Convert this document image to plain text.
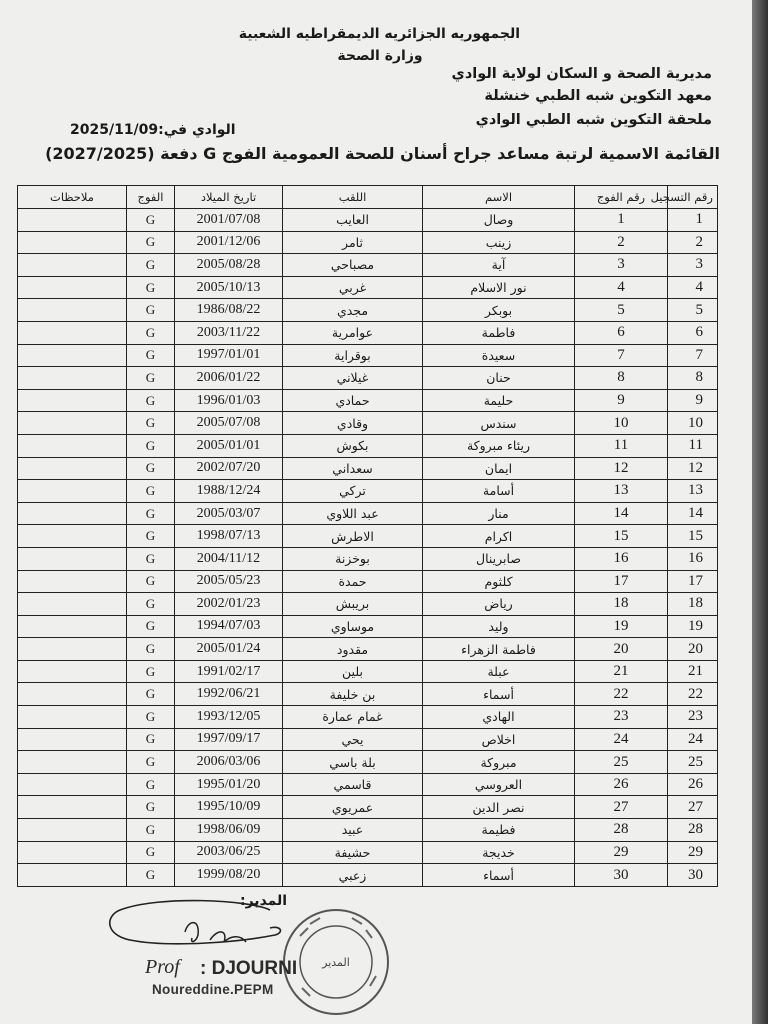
الجمهوريه الجزائريه الديمقراطيه الشعبية
وزارة الصحة
مديرية الصحة و السكان لولاية الوادي
معهد التكوين شبه الطبي خنشلة
ملحقة التكوين شبه الطبي الوادي
الوادي في:2025/11/09
القائمة الاسمية لرتبة مساعد جراح أسنان للصحة العمومية الفوج G دفعة (2027/2025)
رقم التسجيل	رقم الفوج	الاسم	اللقب	تاريخ الميلاد	الفوج	ملاحظات
1	1	وصال	العايب	2001/07/08	G	
2	2	زينب	ثامر	2001/12/06	G	
3	3	آية	مصباحي	2005/08/28	G	
4	4	نور الاسلام	غربي	2005/10/13	G	
5	5	بوبكر	مجدي	1986/08/22	G	
6	6	فاطمة	عوامرية	2003/11/22	G	
7	7	سعيدة	بوقراية	1997/01/01	G	
8	8	حنان	غيلاني	2006/01/22	G	
9	9	حليمة	حمادي	1996/01/03	G	
10	10	سندس	وقادي	2005/07/08	G	
11	11	ريئاء مبروكة	بكوش	2005/01/01	G	
12	12	ايمان	سعداني	2002/07/20	G	
13	13	أسامة	تركي	1988/12/24	G	
14	14	منار	عبد اللاوي	2005/03/07	G	
15	15	اكرام	الاطرش	1998/07/13	G	
16	16	صابرينال	بوخزنة	2004/11/12	G	
17	17	كلثوم	حمدة	2005/05/23	G	
18	18	رياض	بريبش	2002/01/23	G	
19	19	وليد	موساوي	1994/07/03	G	
20	20	فاطمة الزهراء	مقدود	2005/01/24	G	
21	21	عبلة	بلين	1991/02/17	G	
22	22	أسماء	بن خليفة	1992/06/21	G	
23	23	الهادي	غمام عمارة	1993/12/05	G	
24	24	اخلاص	يحي	1997/09/17	G	
25	25	مبروكة	بلة باسي	2006/03/06	G	
26	26	العروسي	قاسمي	1995/01/20	G	
27	27	نصر الدين	عمريوي	1995/10/09	G	
28	28	فطيمة	عبيد	1998/06/09	G	
29	29	خديجة	حشيفة	2003/06/25	G	
30	30	أسماء	زعبي	1999/08/20	G	
المدير:
المدير
Prof : DJOURNI
Noureddine.PEPM
